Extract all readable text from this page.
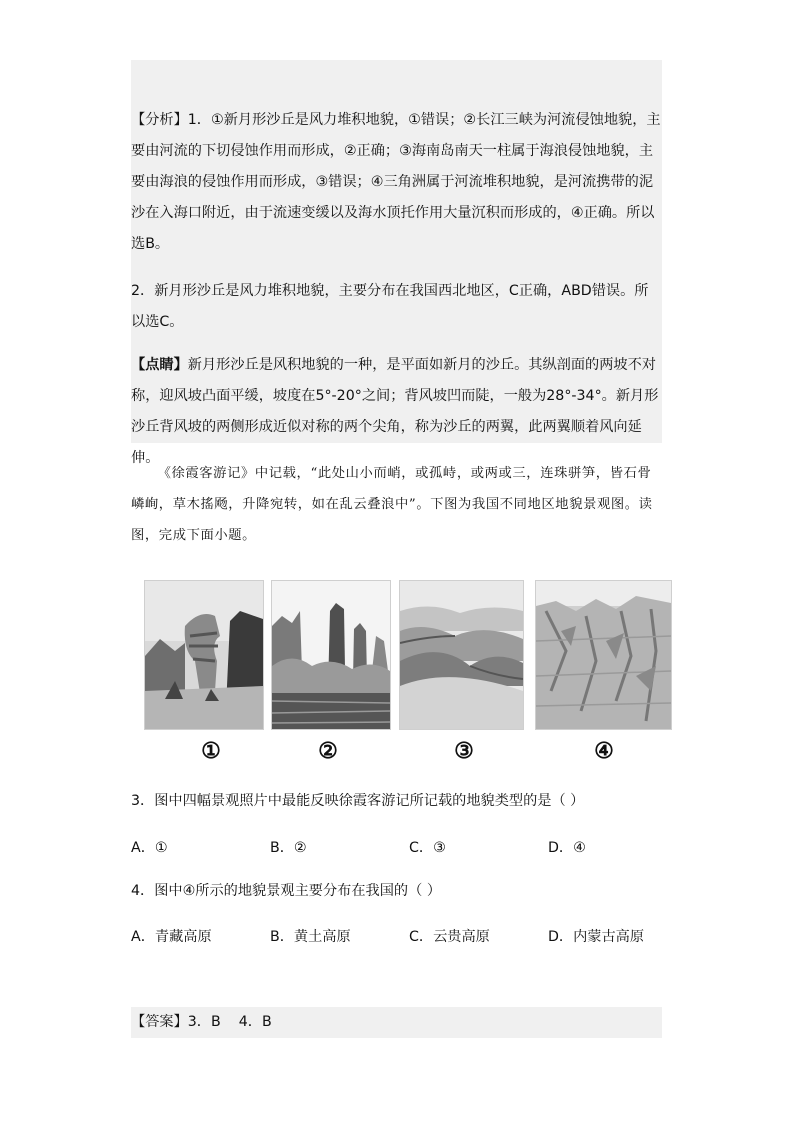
【分析】1．①新月形沙丘是风力堆积地貌，①错误；②长江三峡为河流侵蚀地貌，主要由河流的下切侵蚀作用而形成，②正确；③海南岛南天一柱属于海浪侵蚀地貌，主要由海浪的侵蚀作用而形成，③错误；④三角洲属于河流堆积地貌，是河流携带的泥沙在入海口附近，由于流速变缓以及海水顶托作用大量沉积而形成的，④正确。所以选B。

2．新月形沙丘是风力堆积地貌，主要分布在我国西北地区，C正确，ABD错误。所以选C。

【点睛】新月形沙丘是风积地貌的一种，是平面如新月的沙丘。其纵剖面的两坡不对称，迎风坡凸面平缓，坡度在5°-20°之间；背风坡凹而陡，一般为28°-34°。新月形沙丘背风坡的两侧形成近似对称的两个尖角，称为沙丘的两翼，此两翼顺着风向延伸。

《徐霞客游记》中记载，“此处山小而峭，或孤峙，或两或三，连珠骈笋，皆石骨嶙峋，草木搖飏，升降宛转，如在乱云叠浪中”。下图为我国不同地区地貌景观图。读图，完成下面小题。

①	②	③	④

3．图中四幅景观照片中最能反映徐霞客游记所记载的地貌类型的是（ ）

A．①	B．②	C．③	D．④

4．图中④所示的地貌景观主要分布在我国的（ ）

A．青藏高原	B．黄土高原	C．云贵高原	D．内蒙古高原
【答案】3．B    4．B
